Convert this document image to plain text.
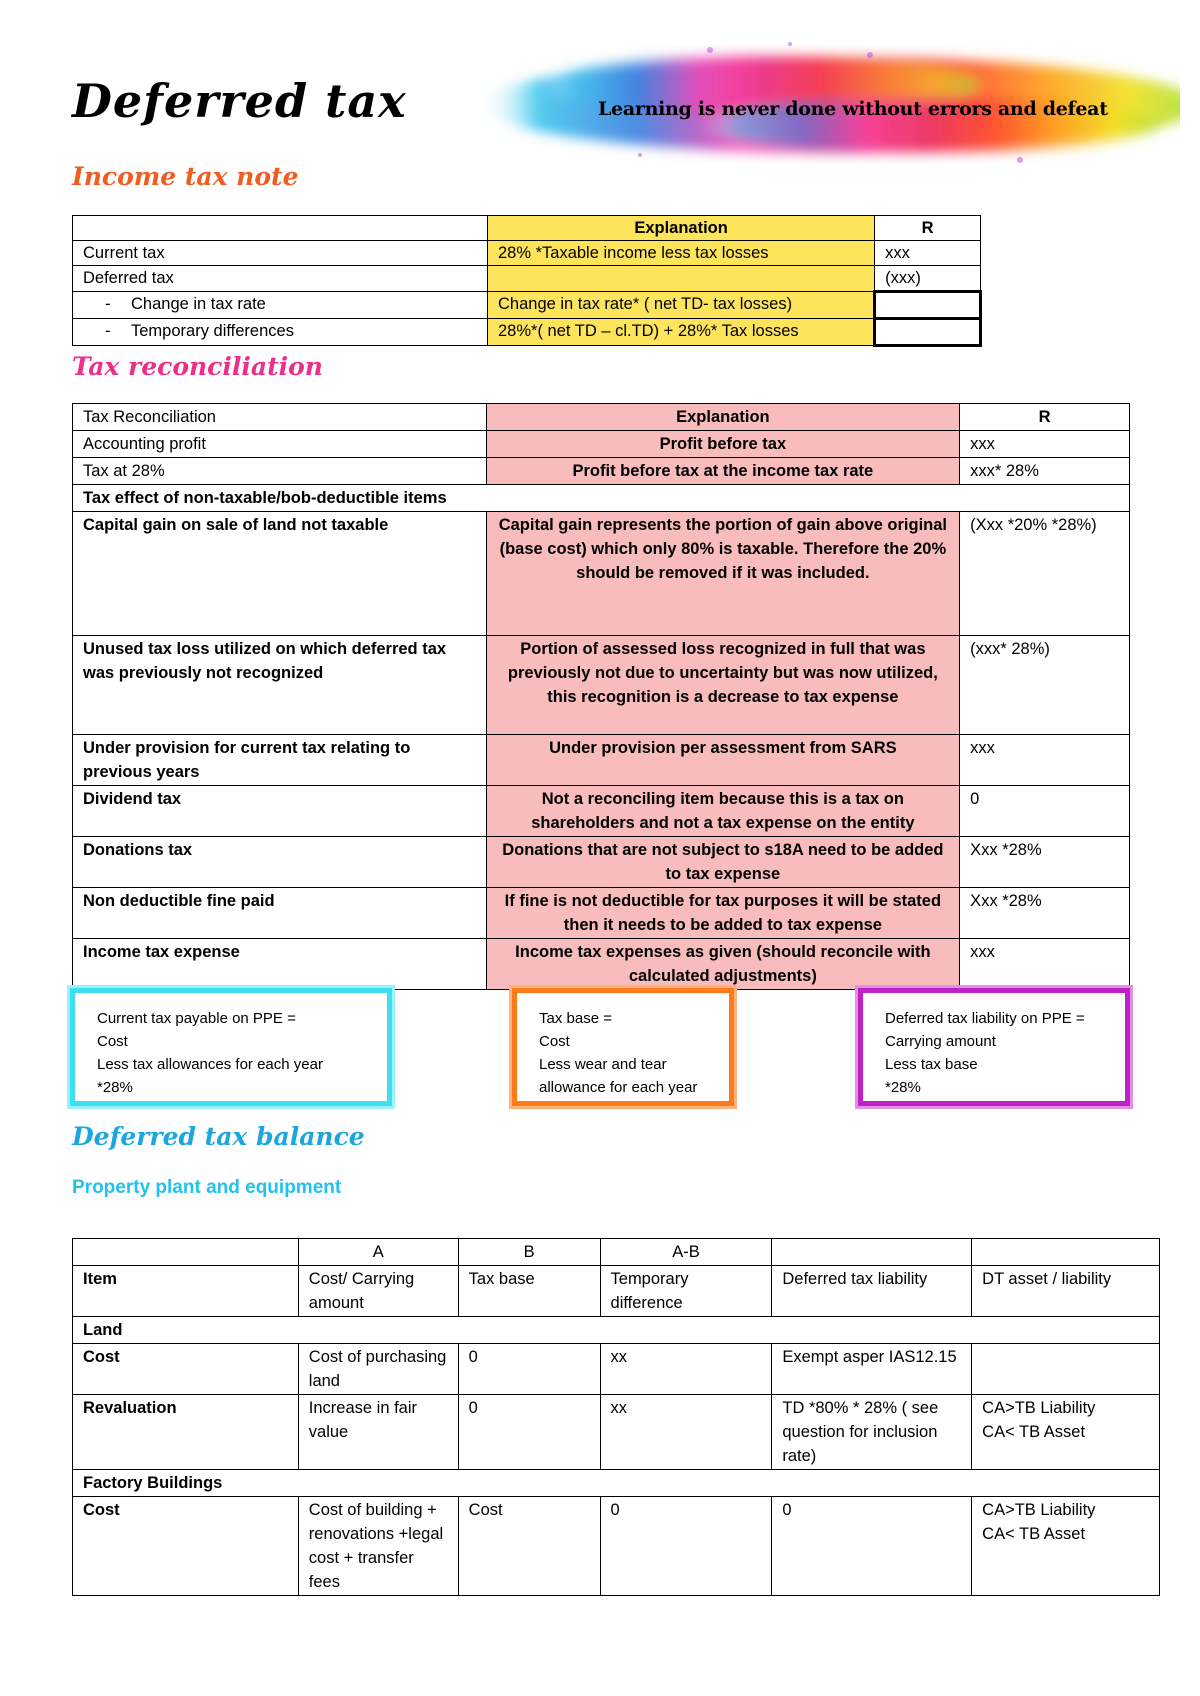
Deferred tax	Learning is never done without errors and defeat
Income tax note
	Explanation	R
Current tax	28% *Taxable income less tax losses	xxx
Deferred tax		(xxx)
- Change in tax rate	Change in tax rate* ( net TD- tax losses)	
- Temporary differences	28%*( net TD – cl.TD) + 28%* Tax losses	
Tax reconciliation
Tax Reconciliation	Explanation	R
Accounting profit	Profit before tax	xxx
Tax at 28%	Profit before tax at the income tax rate	xxx* 28%
Tax effect of non-taxable/bob-deductible items		
Capital gain on sale of land not taxable	Capital gain represents the portion of gain above original (base cost) which only 80% is taxable. Therefore the 20% should be removed if it was included.	(Xxx *20% *28%)
Unused tax loss utilized on which deferred tax was previously not recognized	Portion of assessed loss recognized in full that was previously not due to uncertainty but was now utilized, this recognition is a decrease to tax expense	(xxx* 28%)
Under provision for current tax relating to previous years	Under provision per assessment from SARS	xxx
Dividend tax	Not a reconciling item because this is a tax on shareholders and not a tax expense on the entity	0
Donations tax	Donations that are not subject to s18A need to be added to tax expense	Xxx *28%
Non deductible fine paid	If fine is not deductible for tax purposes it will be stated then it needs to be added to tax expense	Xxx *28%
Income tax expense	Income tax expenses as given (should reconcile with calculated adjustments)	xxx
Current tax payable on PPE =
Cost
Less tax allowances for each year
*28%
Tax base =
Cost
Less wear and tear
allowance for each year
Deferred tax liability on PPE =
Carrying amount
Less tax base
*28%
Deferred tax balance
Property plant and equipment
	A	B	A-B		
Item	Cost/ Carrying amount	Tax base	Temporary difference	Deferred tax liability	DT asset / liability
Land					
Cost	Cost of purchasing land	0	xx	Exempt asper IAS12.15	
Revaluation	Increase in fair value	0	xx	TD *80% * 28% ( see question for inclusion rate)	CA>TB Liability
CA< TB Asset

Factory Buildings					
Cost	Cost of building + renovations +legal cost + transfer fees	Cost	0	0	CA>TB Liability
CA< TB Asset
